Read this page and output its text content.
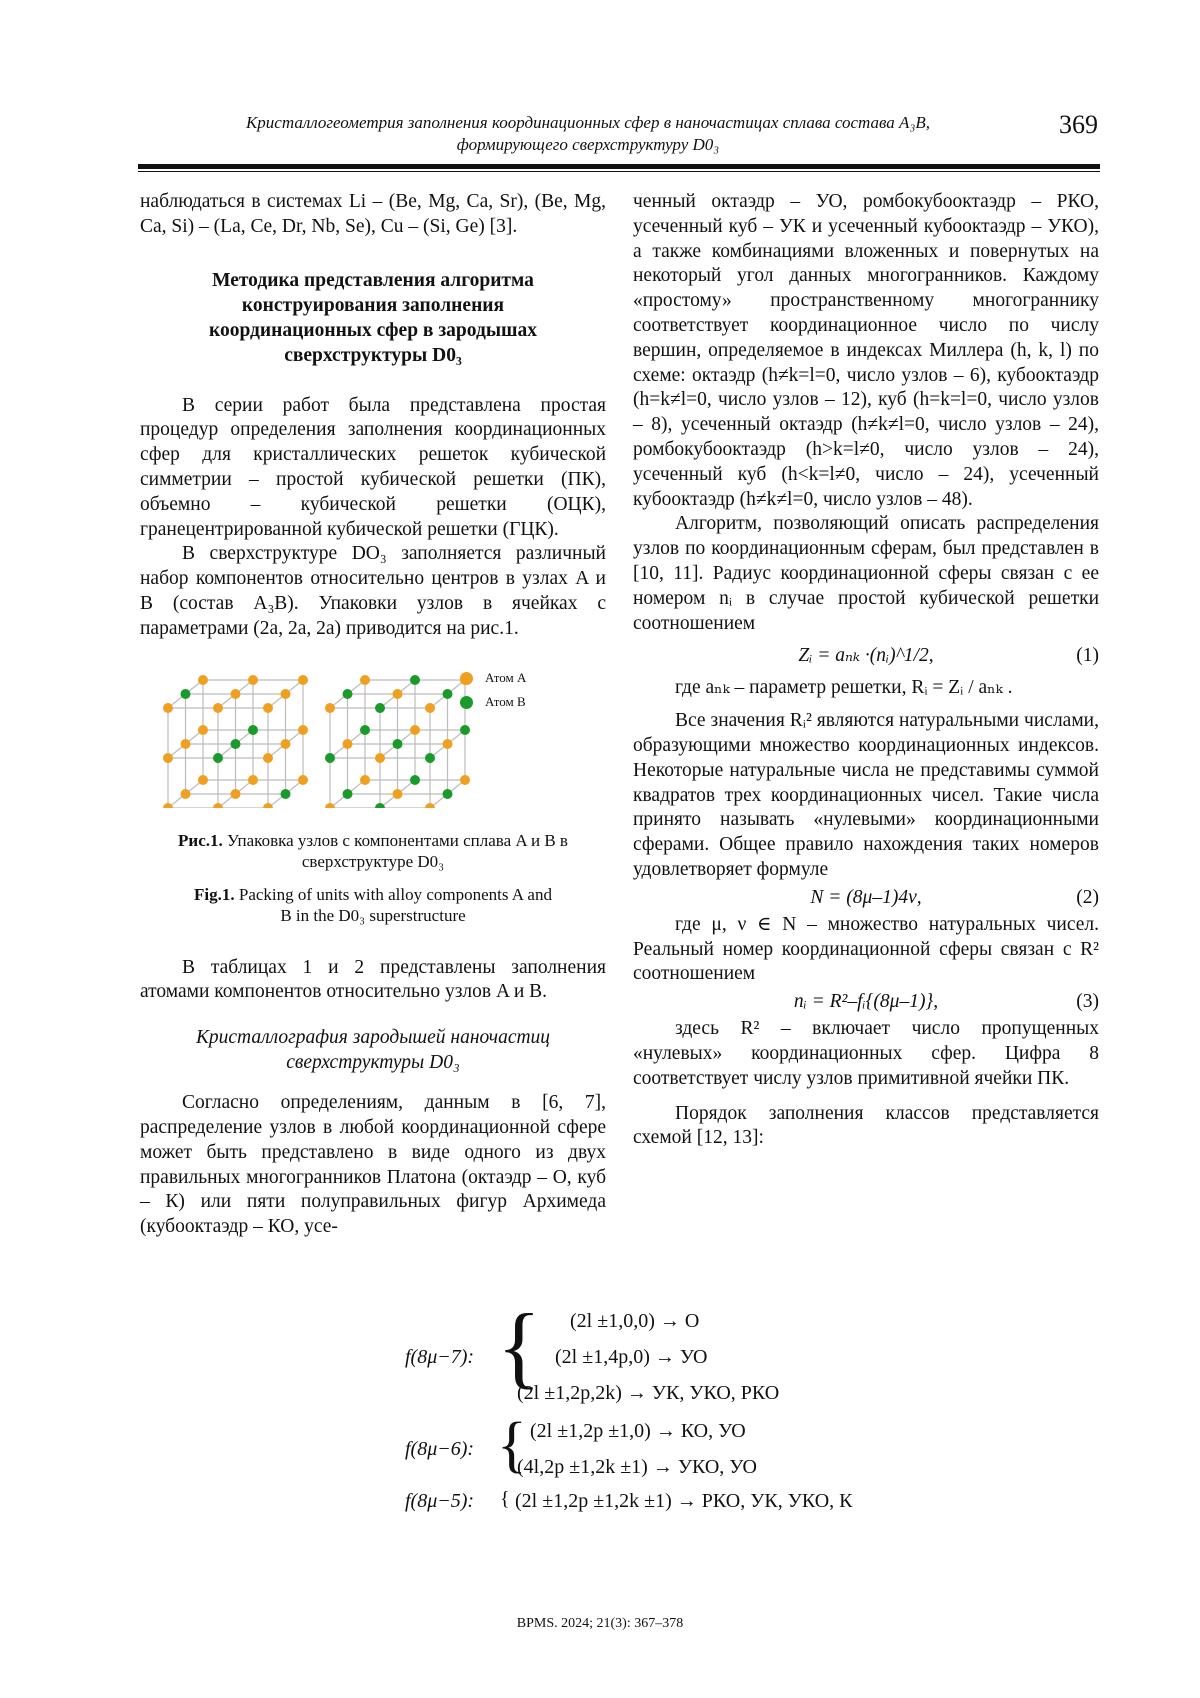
Кристаллогеометрия заполнения координационных сфер в наночастицах сплава состава A₃B,
формирующего сверхструктуру D0₃
369

наблюдаться в системах Li – (Be, Mg, Ca, Sr), (Be, Mg, Ca, Si) – (La, Ce, Dr, Nb, Se), Cu – (Si, Ge) [3].

Методика представления алгоритма конструирования заполнения координационных сфер в зародышах сверхструктуры D0₃

В серии работ была представлена простая процедур определения заполнения координационных сфер для кристаллических решеток кубической симметрии – простой кубической решетки (ПК), объемно – кубической решетки (ОЦК), гранецентрированной кубической решетки (ГЦК).

В сверхструктуре DO₃ заполняется различный набор компонентов относительно центров в узлах A и B (состав A₃B). Упаковки узлов в ячейках с параметрами (2a, 2a, 2a) приводится на рис.1.

Атом A
Атом B
Рис.1. Упаковка узлов с компонентами сплава A и B в сверхструктуре D0₃
Fig.1. Packing of units with alloy components A and B in the D0₃ superstructure

В таблицах 1 и 2 представлены заполнения атомами компонентов относительно узлов A и B.

Кристаллография зародышей наночастиц сверхструктуры D0₃

Согласно определениям, данным в [6, 7], распределение узлов в любой координационной сфере может быть представлено в виде одного из двух правильных многогранников Платона (октаэдр – О, куб – К) или пяти полуправильных фигур Архимеда (кубооктаэдр – КО, усе-

ченный октаэдр – УО, ромбокубооктаэдр – РКО, усеченный куб – УК и усеченный кубооктаэдр – УКО), а также комбинациями вложенных и повернутых на некоторый угол данных многогранников. Каждому «простому» пространственному многограннику соответствует координационное число по числу вершин, определяемое в индексах Миллера (h, k, l) по схеме: октаэдр (h≠k=l=0, число узлов – 6), кубооктаэдр (h=k≠l=0, число узлов – 12), куб (h=k=l=0, число узлов – 8), усеченный октаэдр (h≠k≠l=0, число узлов – 24), ромбокубооктаэдр (h>k=l≠0, число узлов – 24), усеченный куб (h<k=l≠0, число – 24), усеченный кубооктаэдр (h≠k≠l=0, число узлов – 48).

Алгоритм, позволяющий описать распределения узлов по координационным сферам, был представлен в [10, 11]. Радиус координационной сферы связан с ее номером nᵢ в случае простой кубической решетки соотношением

Zᵢ = aₙₖ ·(nᵢ)^1/2,	(1)

где aₙₖ – параметр решетки, Rᵢ = Zᵢ / aₙₖ .

Все значения Rᵢ² являются натуральными числами, образующими множество координационных индексов. Некоторые натуральные числа не представимы суммой квадратов трех координационных чисел. Такие числа принято называть «нулевыми» координационными сферами. Общее правило нахождения таких номеров удовлетворяет формуле

N = (8μ–1)4ν,	(2)

где μ, ν ∈ N – множество натуральных чисел. Реальный номер координационной сферы связан с R² соотношением

nᵢ = R²–fᵢ{(8μ–1)},	(3)

здесь R² – включает число пропущенных «нулевых» координационных сфер. Цифра 8 соответствует числу узлов примитивной ячейки ПК.

Порядок заполнения классов представляется схемой [12, 13]:

f(8μ−7): { (2l ±1,0,0) → О
(2l ±1,4p,0) → УО
(2l ±1,2p,2k) → УК, УКО, РКО
f(8μ−6): { (2l ±1,2p ±1,0) → КО, УО
(4l,2p ±1,2k ±1) → УКО, УО
f(8μ−5): { (2l ±1,2p ±1,2k ±1) → РКО, УК, УКО, К
BPMS. 2024; 21(3): 367–378
